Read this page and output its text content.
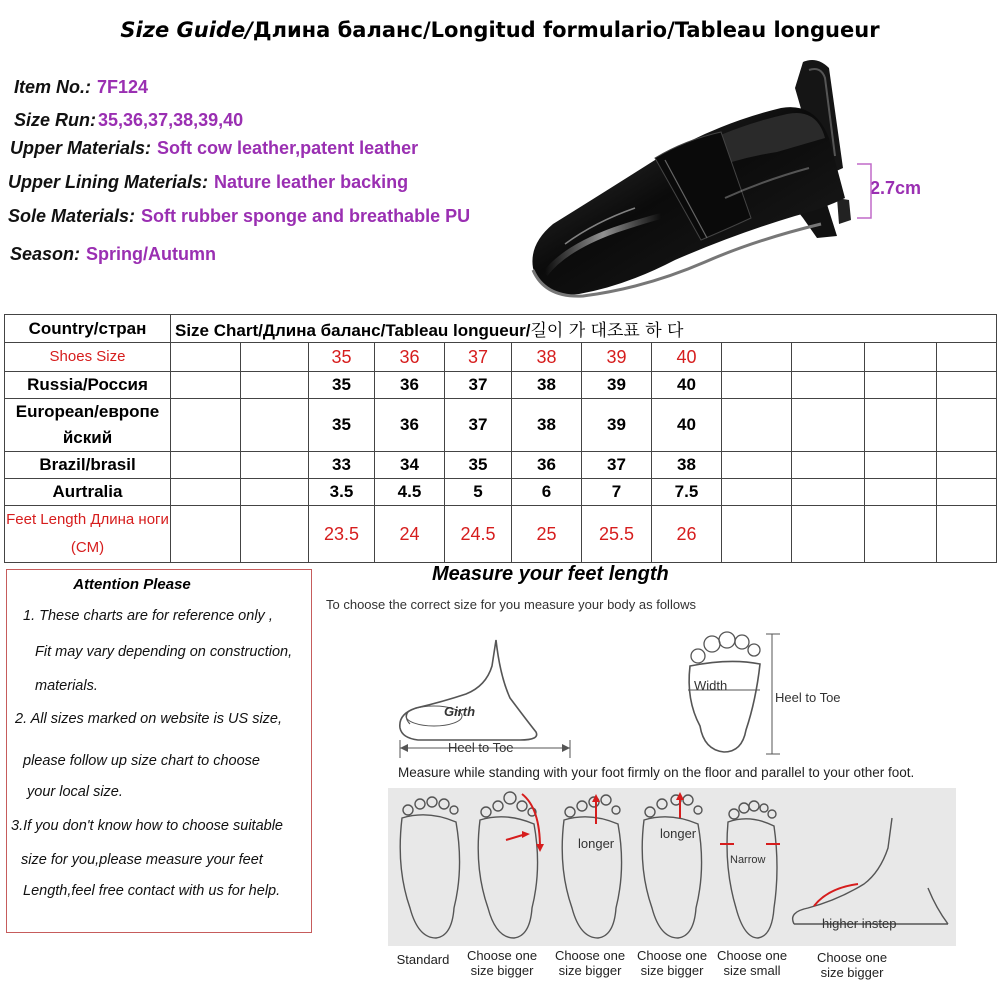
Size Guide/Длина баланс/Longitud formulario/Tableau longueur
Item No.: 7F124
Size Run: 35,36,37,38,39,40
Upper Materials: Soft cow leather,patent leather
Upper Lining Materials: Nature leather backing
Sole Materials: Soft rubber sponge and breathable PU
Season: Spring/Autumn
2.7cm
Country/стран	Size Chart/Длина баланс/Tableau longueur/길이 가 대조표 하 다											
Shoes Size			35	36	37	38	39	40				
Russia/Россия			35	36	37	38	39	40				
European/европе
йский			35	36	37	38	39	40				
Brazil/brasil			33	34	35	36	37	38				
Aurtralia			3.5	4.5	5	6	7	7.5				
Feet Length Длина ноги
(CM)			23.5	24	24.5	25	25.5	26				
Attention Please
1. These charts are for reference only ,
Fit may vary depending on construction,
materials.
2. All sizes marked on website is US size,
please follow up size chart to choose
your local size.
3.If you don't know how to choose suitable
size for you,please measure your feet
Length,feel free contact with us for help.
Measure your feet length
To choose the correct size for you measure your body as follows
Girth
Heel to Toe
Width
Heel to Toe
Measure while standing with your foot firmly on the floor and parallel to your other foot.
longer
longer
Narrow
higher instep
Standard	Choose one
size bigger
Choose one
size bigger
Choose one
size bigger
Choose one
size small
Choose one
size bigger
